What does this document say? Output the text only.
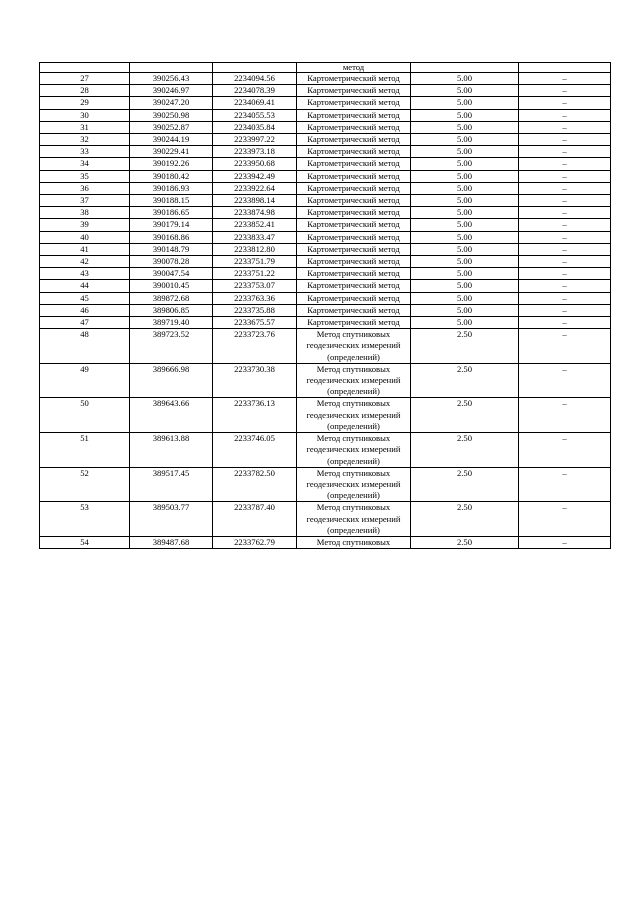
			метод		
27	390256.43	2234094.56	Картометрический метод	5.00	–
28	390246.97	2234078.39	Картометрический метод	5.00	–
29	390247.20	2234069.41	Картометрический метод	5.00	–
30	390250.98	2234055.53	Картометрический метод	5.00	–
31	390252.87	2234035.84	Картометрический метод	5.00	–
32	390244.19	2233997.22	Картометрический метод	5.00	–
33	390229.41	2233973.18	Картометрический метод	5.00	–
34	390192.26	2233950.68	Картометрический метод	5.00	–
35	390180.42	2233942.49	Картометрический метод	5.00	–
36	390186.93	2233922.64	Картометрический метод	5.00	–
37	390188.15	2233898.14	Картометрический метод	5.00	–
38	390186.65	2233874.98	Картометрический метод	5.00	–
39	390179.14	2233852.41	Картометрический метод	5.00	–
40	390168.86	2233833.47	Картометрический метод	5.00	–
41	390148.79	2233812.80	Картометрический метод	5.00	–
42	390078.28	2233751.79	Картометрический метод	5.00	–
43	390047.54	2233751.22	Картометрический метод	5.00	–
44	390010.45	2233753.07	Картометрический метод	5.00	–
45	389872.68	2233763.36	Картометрический метод	5.00	–
46	389806.85	2233735.88	Картометрический метод	5.00	–
47	389719.40	2233675.57	Картометрический метод	5.00	–
48	389723.52	2233723.76	Метод спутниковых геодезических измерений (определений)	2.50	–
49	389666.98	2233730.38	Метод спутниковых геодезических измерений (определений)	2.50	–
50	389643.66	2233736.13	Метод спутниковых геодезических измерений (определений)	2.50	–
51	389613.88	2233746.05	Метод спутниковых геодезических измерений (определений)	2.50	–
52	389517.45	2233782.50	Метод спутниковых геодезических измерений (определений)	2.50	–
53	389503.77	2233787.40	Метод спутниковых геодезических измерений (определений)	2.50	–
54	389487.68	2233762.79	Метод спутниковых	2.50	–
